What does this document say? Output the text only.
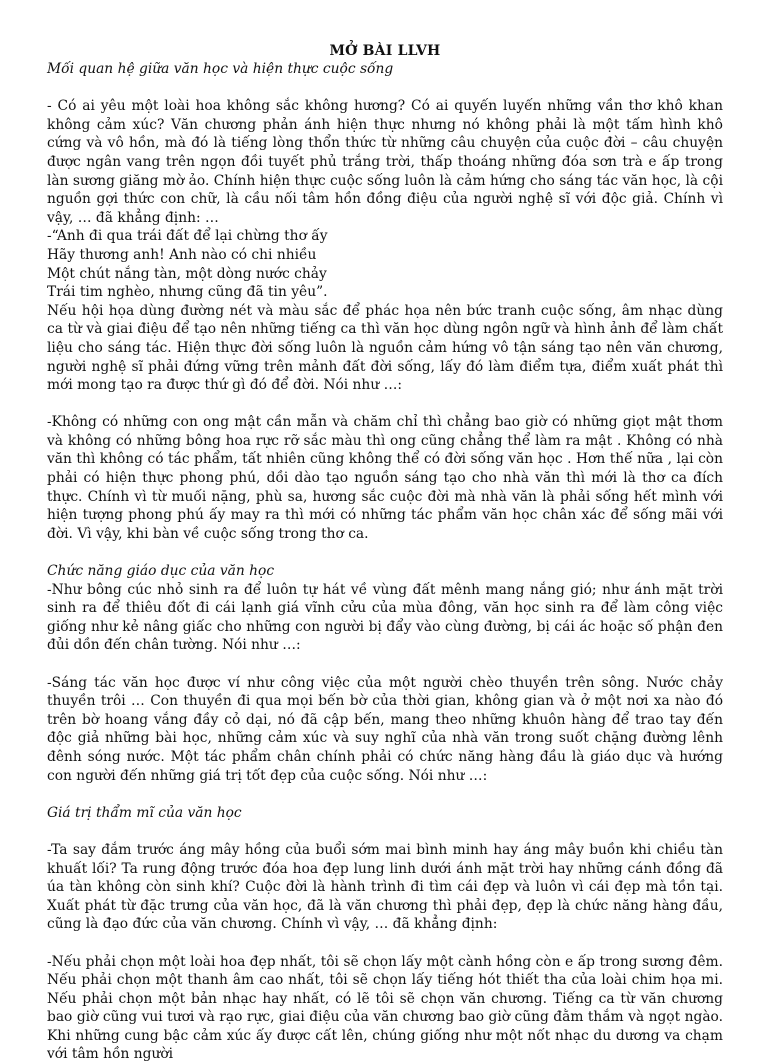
MỞ BÀI LLVH

Mối quan hệ giữa văn học và hiện thực cuộc sống

- Có ai yêu một loài hoa không sắc không hương? Có ai quyến luyến những vần thơ khô khan không cảm xúc? Văn chương phản ánh hiện thực nhưng nó không phải là một tấm hình khô cứng và vô hồn, mà đó là tiếng lòng thổn thức từ những câu chuyện của cuộc đời – câu chuyện được ngân vang trên ngọn đồi tuyết phủ trắng trời, thấp thoáng những đóa sơn trà e ấp trong làn sương giăng mờ ảo. Chính hiện thực cuộc sống luôn là cảm hứng cho sáng tác văn học, là cội nguồn gợi thức con chữ, là cầu nối tâm hồn đồng điệu của người nghệ sĩ với độc giả. Chính vì vậy, … đã khẳng định: …

-“Anh đi qua trái đất để lại chừng thơ ấy
Hãy thương anh! Anh nào có chi nhiều
Một chút nắng tàn, một dòng nước chảy
Trái tim nghèo, nhưng cũng đã tin yêu”.

Nếu hội họa dùng đường nét và màu sắc để phác họa nên bức tranh cuộc sống, âm nhạc dùng ca từ và giai điệu để tạo nên những tiếng ca thì văn học dùng ngôn ngữ và hình ảnh để làm chất liệu cho sáng tác. Hiện thực đời sống luôn là nguồn cảm hứng vô tận sáng tạo nên văn chương, người nghệ sĩ phải đứng vững trên mảnh đất đời sống, lấy đó làm điểm tựa, điểm xuất phát thì mới mong tạo ra được thứ gì đó để đời. Nói như …:

-Không có những con ong mật cần mẫn và chăm chỉ thì chẳng bao giờ có những giọt mật thơm và không có những bông hoa rực rỡ sắc màu thì ong cũng chẳng thể làm ra mật . Không có nhà văn thì không có tác phẩm, tất nhiên cũng không thể có đời sống văn học . Hơn thế nữa , lại còn phải có hiện thực phong phú, dồi dào tạo nguồn sáng tạo cho nhà văn thì mới là thơ ca đích thực. Chính vì từ muối nặng, phù sa, hương sắc cuộc đời mà nhà văn là phải sống hết mình với hiện tượng phong phú ấy may ra thì mới có những tác phẩm văn học chân xác để sống mãi với đời. Vì vậy, khi bàn về cuộc sống trong thơ ca.

Chức năng giáo dục của văn học

-Như bông cúc nhỏ sinh ra để luôn tự hát về vùng đất mênh mang nắng gió; như ánh mặt trời sinh ra để thiêu đốt đi cái lạnh giá vĩnh cửu của mùa đông, văn học sinh ra để làm công việc giống như kẻ nâng giấc cho những con người bị đẩy vào cùng đường, bị cái ác hoặc số phận đen đủi dồn đến chân tường. Nói như …:

-Sáng tác văn học được ví như công việc của một người chèo thuyền trên sông. Nước chảy thuyền trôi … Con thuyền đi qua mọi bến bờ của thời gian, không gian và ở một nơi xa nào đó trên bờ hoang vắng đầy cỏ dại, nó đã cập bến, mang theo những khuôn hàng để trao tay đến độc giả những bài học, những cảm xúc và suy nghĩ của nhà văn trong suốt chặng đường lênh đênh sóng nước. Một tác phẩm chân chính phải có chức năng hàng đầu là giáo dục và hướng con người đến những giá trị tốt đẹp của cuộc sống. Nói như …:

Giá trị thẩm mĩ của văn học

-Ta say đắm trước áng mây hồng của buổi sớm mai bình minh hay áng mây buồn khi chiều tàn khuất lối? Ta rung động trước đóa hoa đẹp lung linh dưới ánh mặt trời hay những cánh đồng đã úa tàn không còn sinh khí? Cuộc đời là hành trình đi tìm cái đẹp và luôn vì cái đẹp mà tồn tại. Xuất phát từ đặc trưng của văn học, đã là văn chương thì phải đẹp, đẹp là chức năng hàng đầu, cũng là đạo đức của văn chương. Chính vì vậy, … đã khẳng định:

-Nếu phải chọn một loài hoa đẹp nhất, tôi sẽ chọn lấy một cành hồng còn e ấp trong sương đêm. Nếu phải chọn một thanh âm cao nhất, tôi sẽ chọn lấy tiếng hót thiết tha của loài chim họa mi. Nếu phải chọn một bản nhạc hay nhất, có lẽ tôi sẽ chọn văn chương. Tiếng ca từ văn chương bao giờ cũng vui tươi và rạo rực, giai điệu của văn chương bao giờ cũng đằm thắm và ngọt ngào. Khi những cung bậc cảm xúc ấy được cất lên, chúng giống như một nốt nhạc du dương va chạm với tâm hồn người
